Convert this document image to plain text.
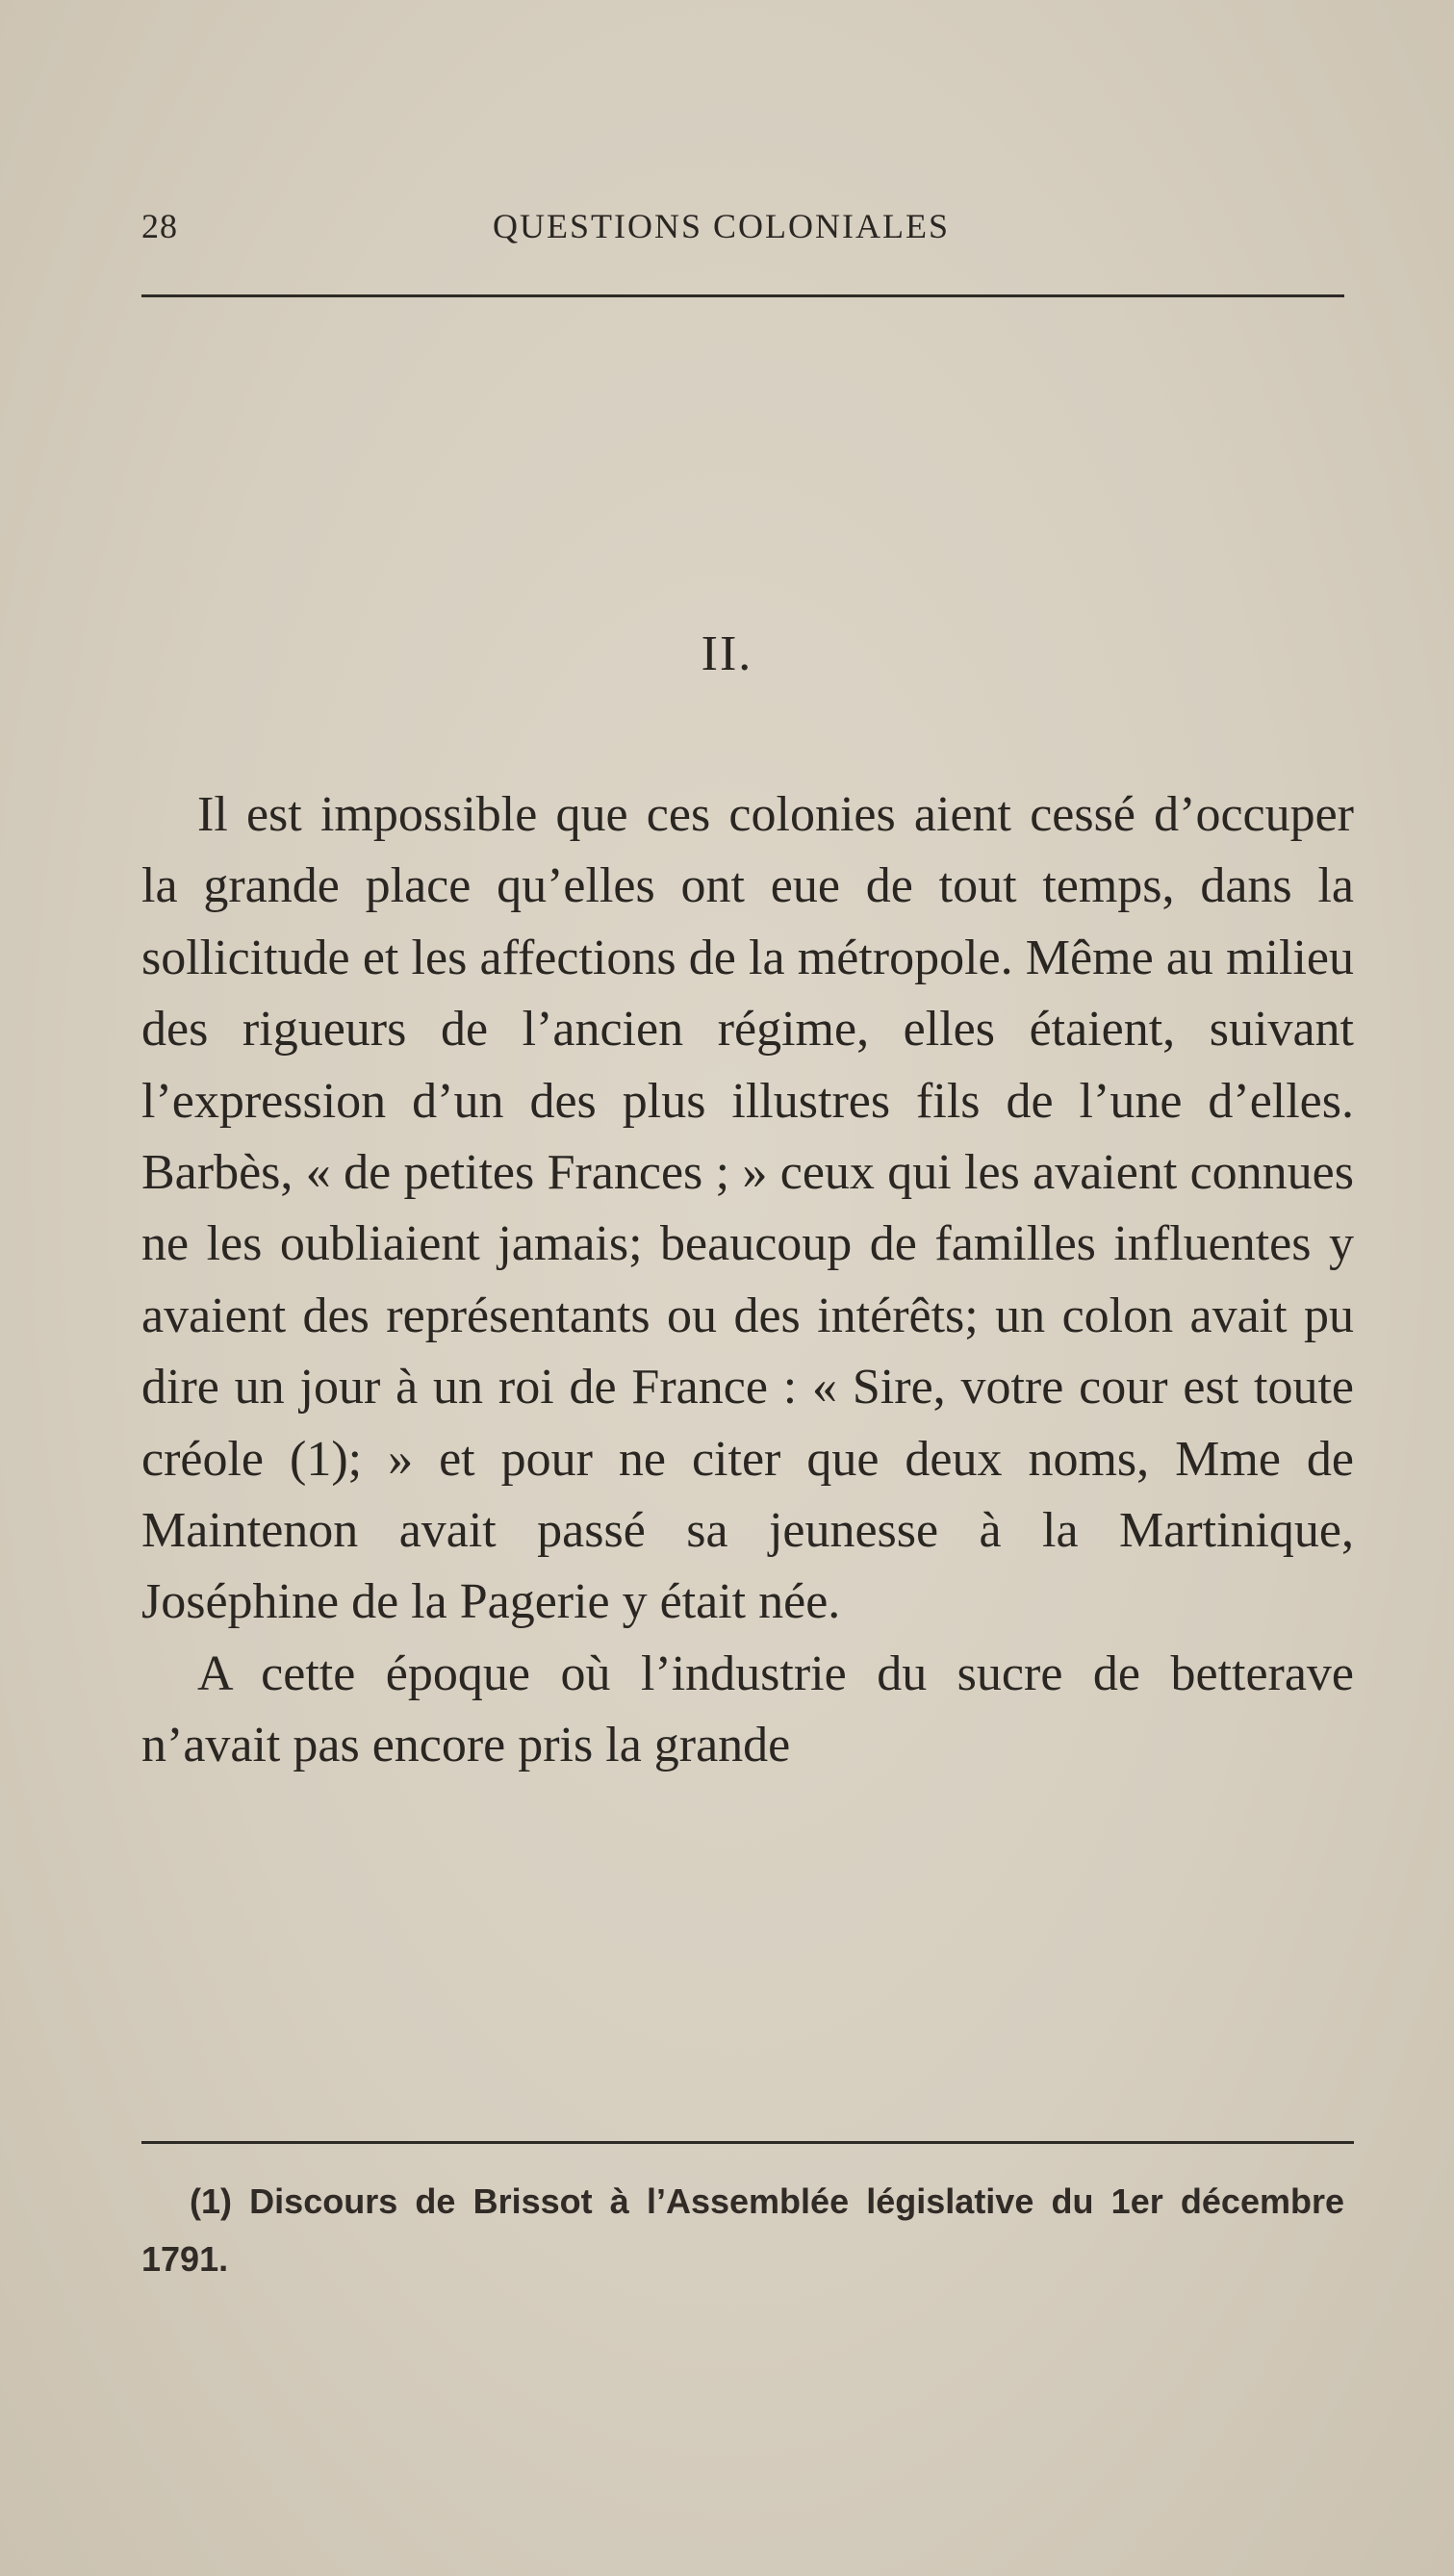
28	QUESTIONS COLONIALES
II.

Il est impossible que ces colonies aient cessé d’occuper la grande place qu’elles ont eue de tout temps, dans la sollicitude et les affections de la métropole. Même au milieu des rigueurs de l’ancien régime, elles étaient, suivant l’expression d’un des plus illustres fils de l’une d’elles. Barbès, « de petites Frances ; » ceux qui les avaient connues ne les oubliaient jamais; beaucoup de familles influentes y avaient des représentants ou des intérêts; un colon avait pu dire un jour à un roi de France : « Sire, votre cour est toute créole (1); » et pour ne citer que deux noms, Mme de Maintenon avait passé sa jeunesse à la Martinique, Joséphine de la Pagerie y était née.

A cette époque où l’industrie du sucre de betterave n’avait pas encore pris la grande

(1) Discours de Brissot à l’Assemblée législative du 1er décembre 1791.
